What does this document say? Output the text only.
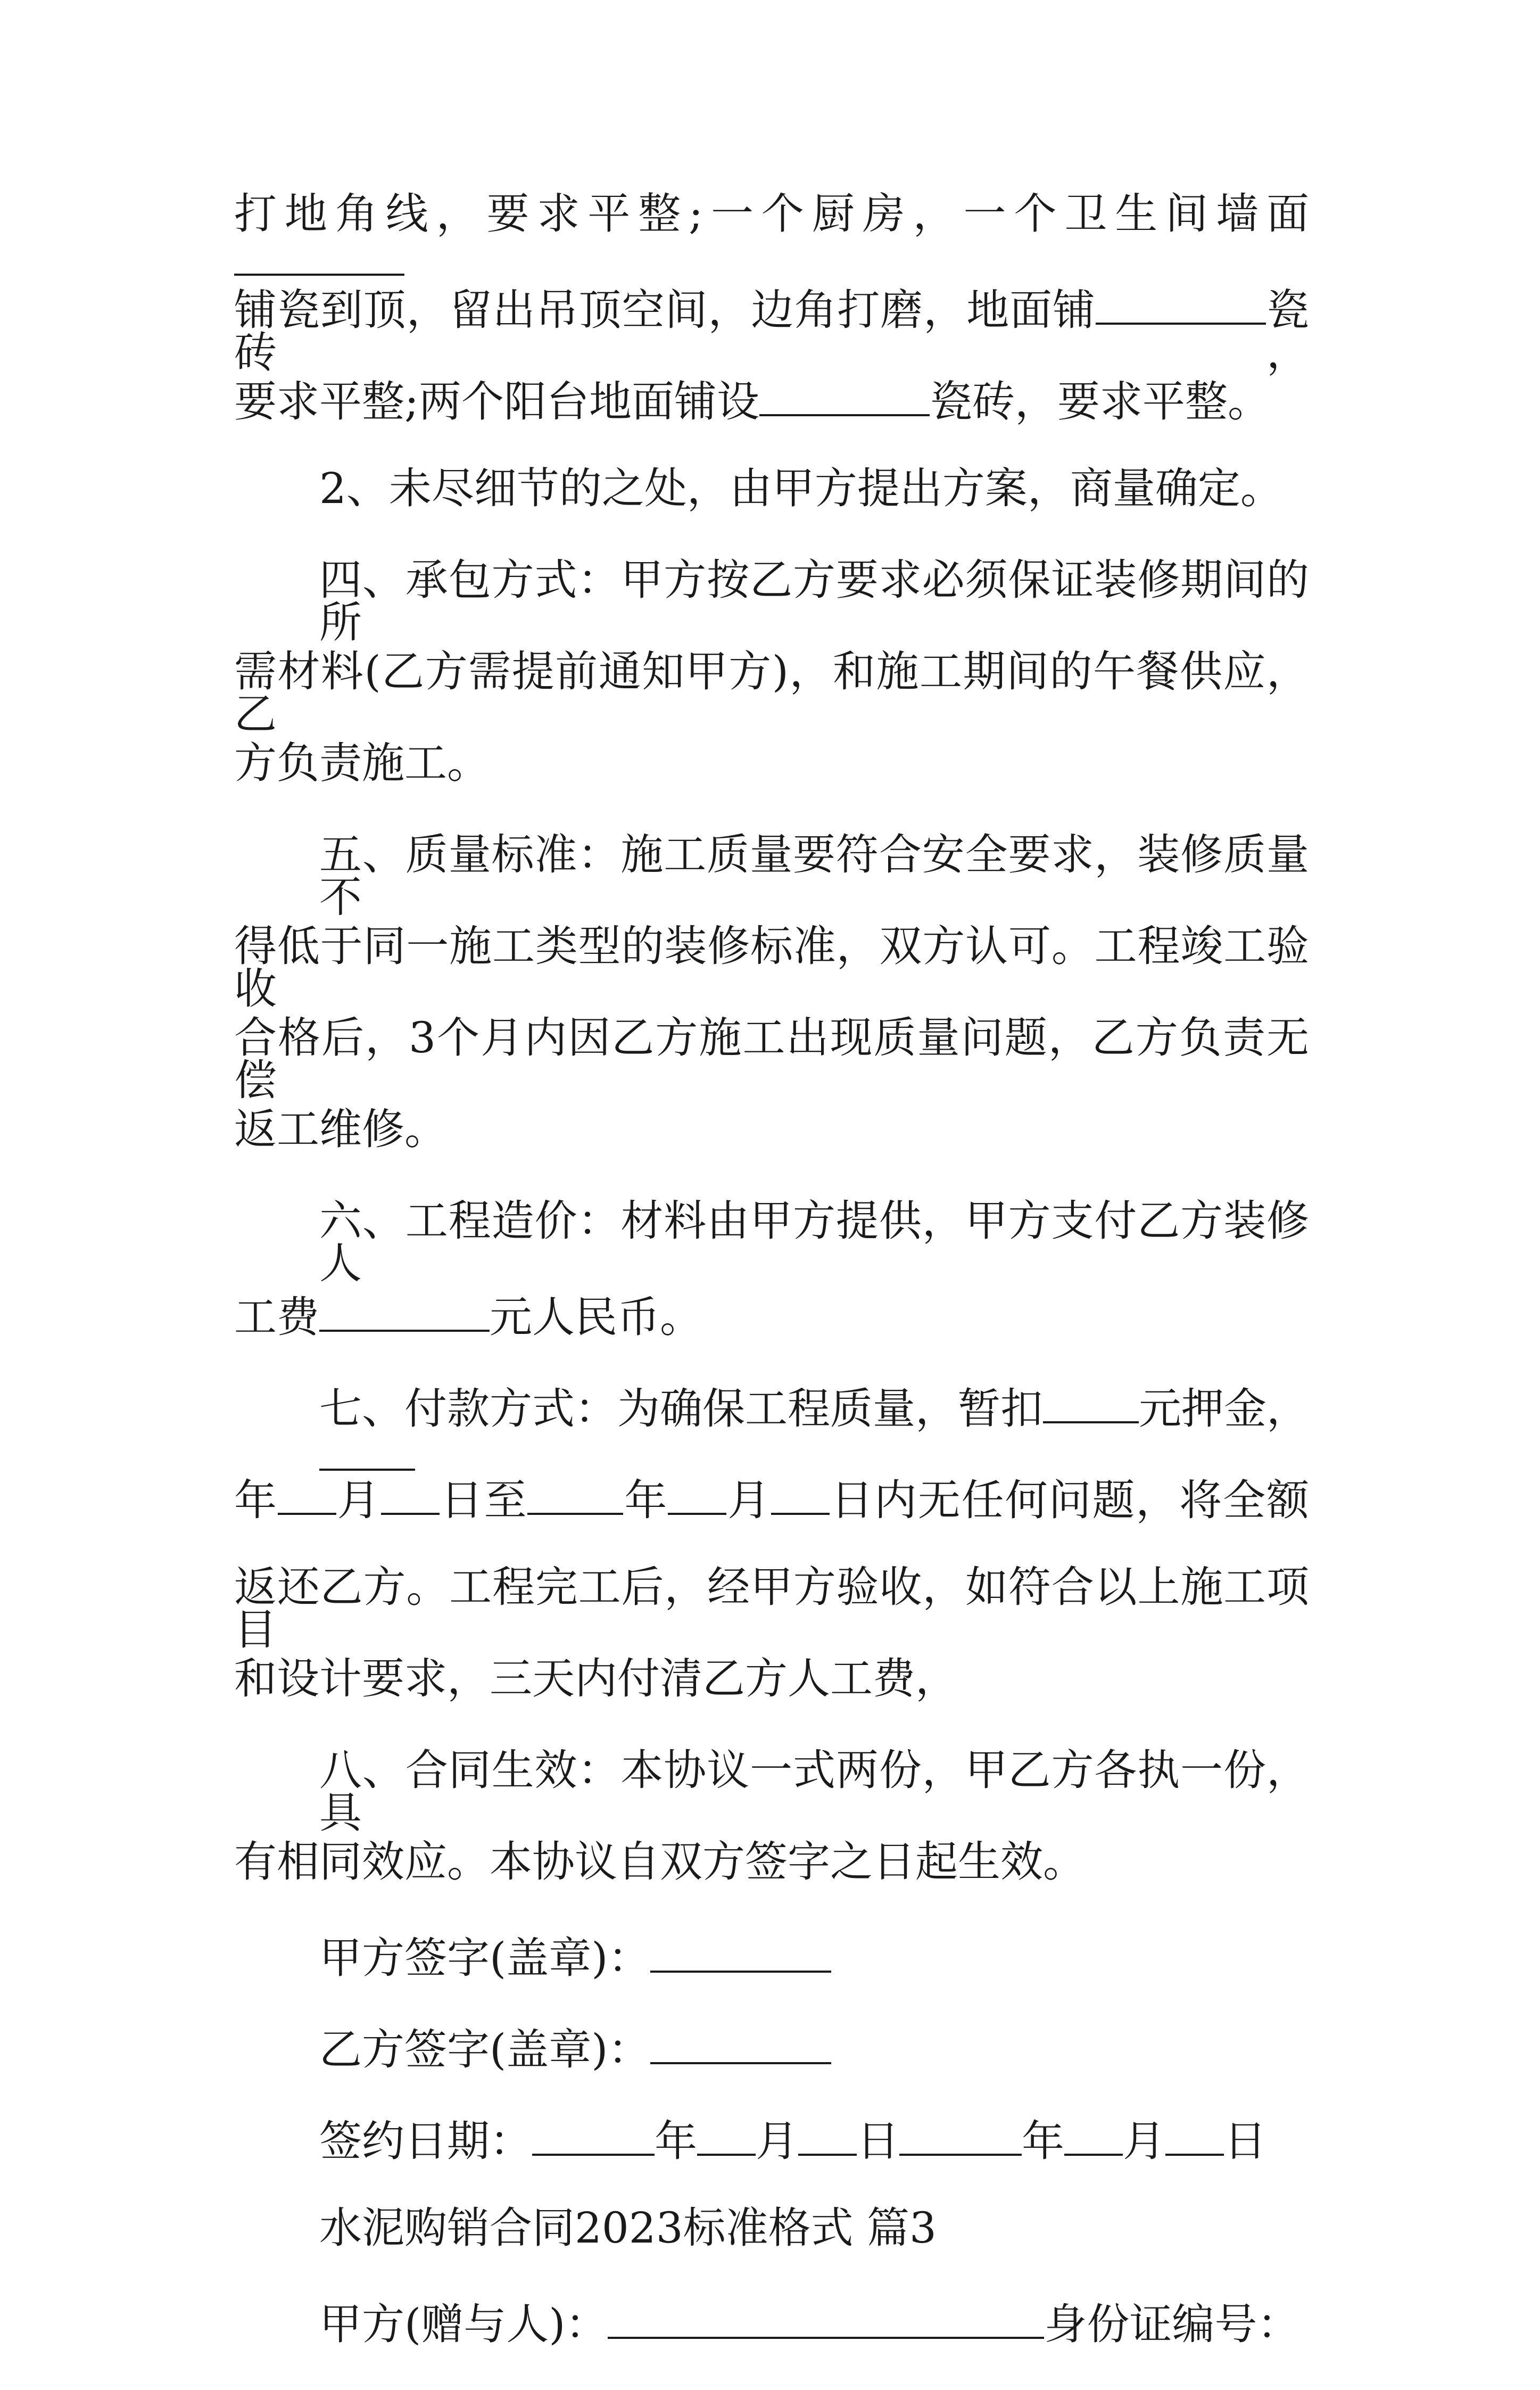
打地角线，要求平整;一个厨房，一个卫生间墙面
铺瓷到顶，留出吊顶空间，边角打磨，地面铺	瓷砖，
要求平整;两个阳台地面铺设	瓷砖，要求平整。
2、未尽细节的之处，由甲方提出方案，商量确定。
四、承包方式：甲方按乙方要求必须保证装修期间的所
需材料(乙方需提前通知甲方)，和施工期间的午餐供应，乙
方负责施工。
五、质量标准：施工质量要符合安全要求，装修质量不
得低于同一施工类型的装修标准，双方认可。工程竣工验收
合格后，3个月内因乙方施工出现质量问题，乙方负责无偿
返工维修。
六、工程造价：材料由甲方提供，甲方支付乙方装修人
工费	元人民币。
七、付款方式：为确保工程质量，暂扣 元押金，
年 月 日至 年 月 日内无任何问题，将全额
返还乙方。工程完工后，经甲方验收，如符合以上施工项目
和设计要求，三天内付清乙方人工费，
八、合同生效：本协议一式两份，甲乙方各执一份，具
有相同效应。本协议自双方签字之日起生效。
甲方签字(盖章)：
乙方签字(盖章)：
签约日期：	年 月 日	年 月 日
水泥购销合同2023标准格式 篇3
甲方(赠与人)：	身份证编号：
